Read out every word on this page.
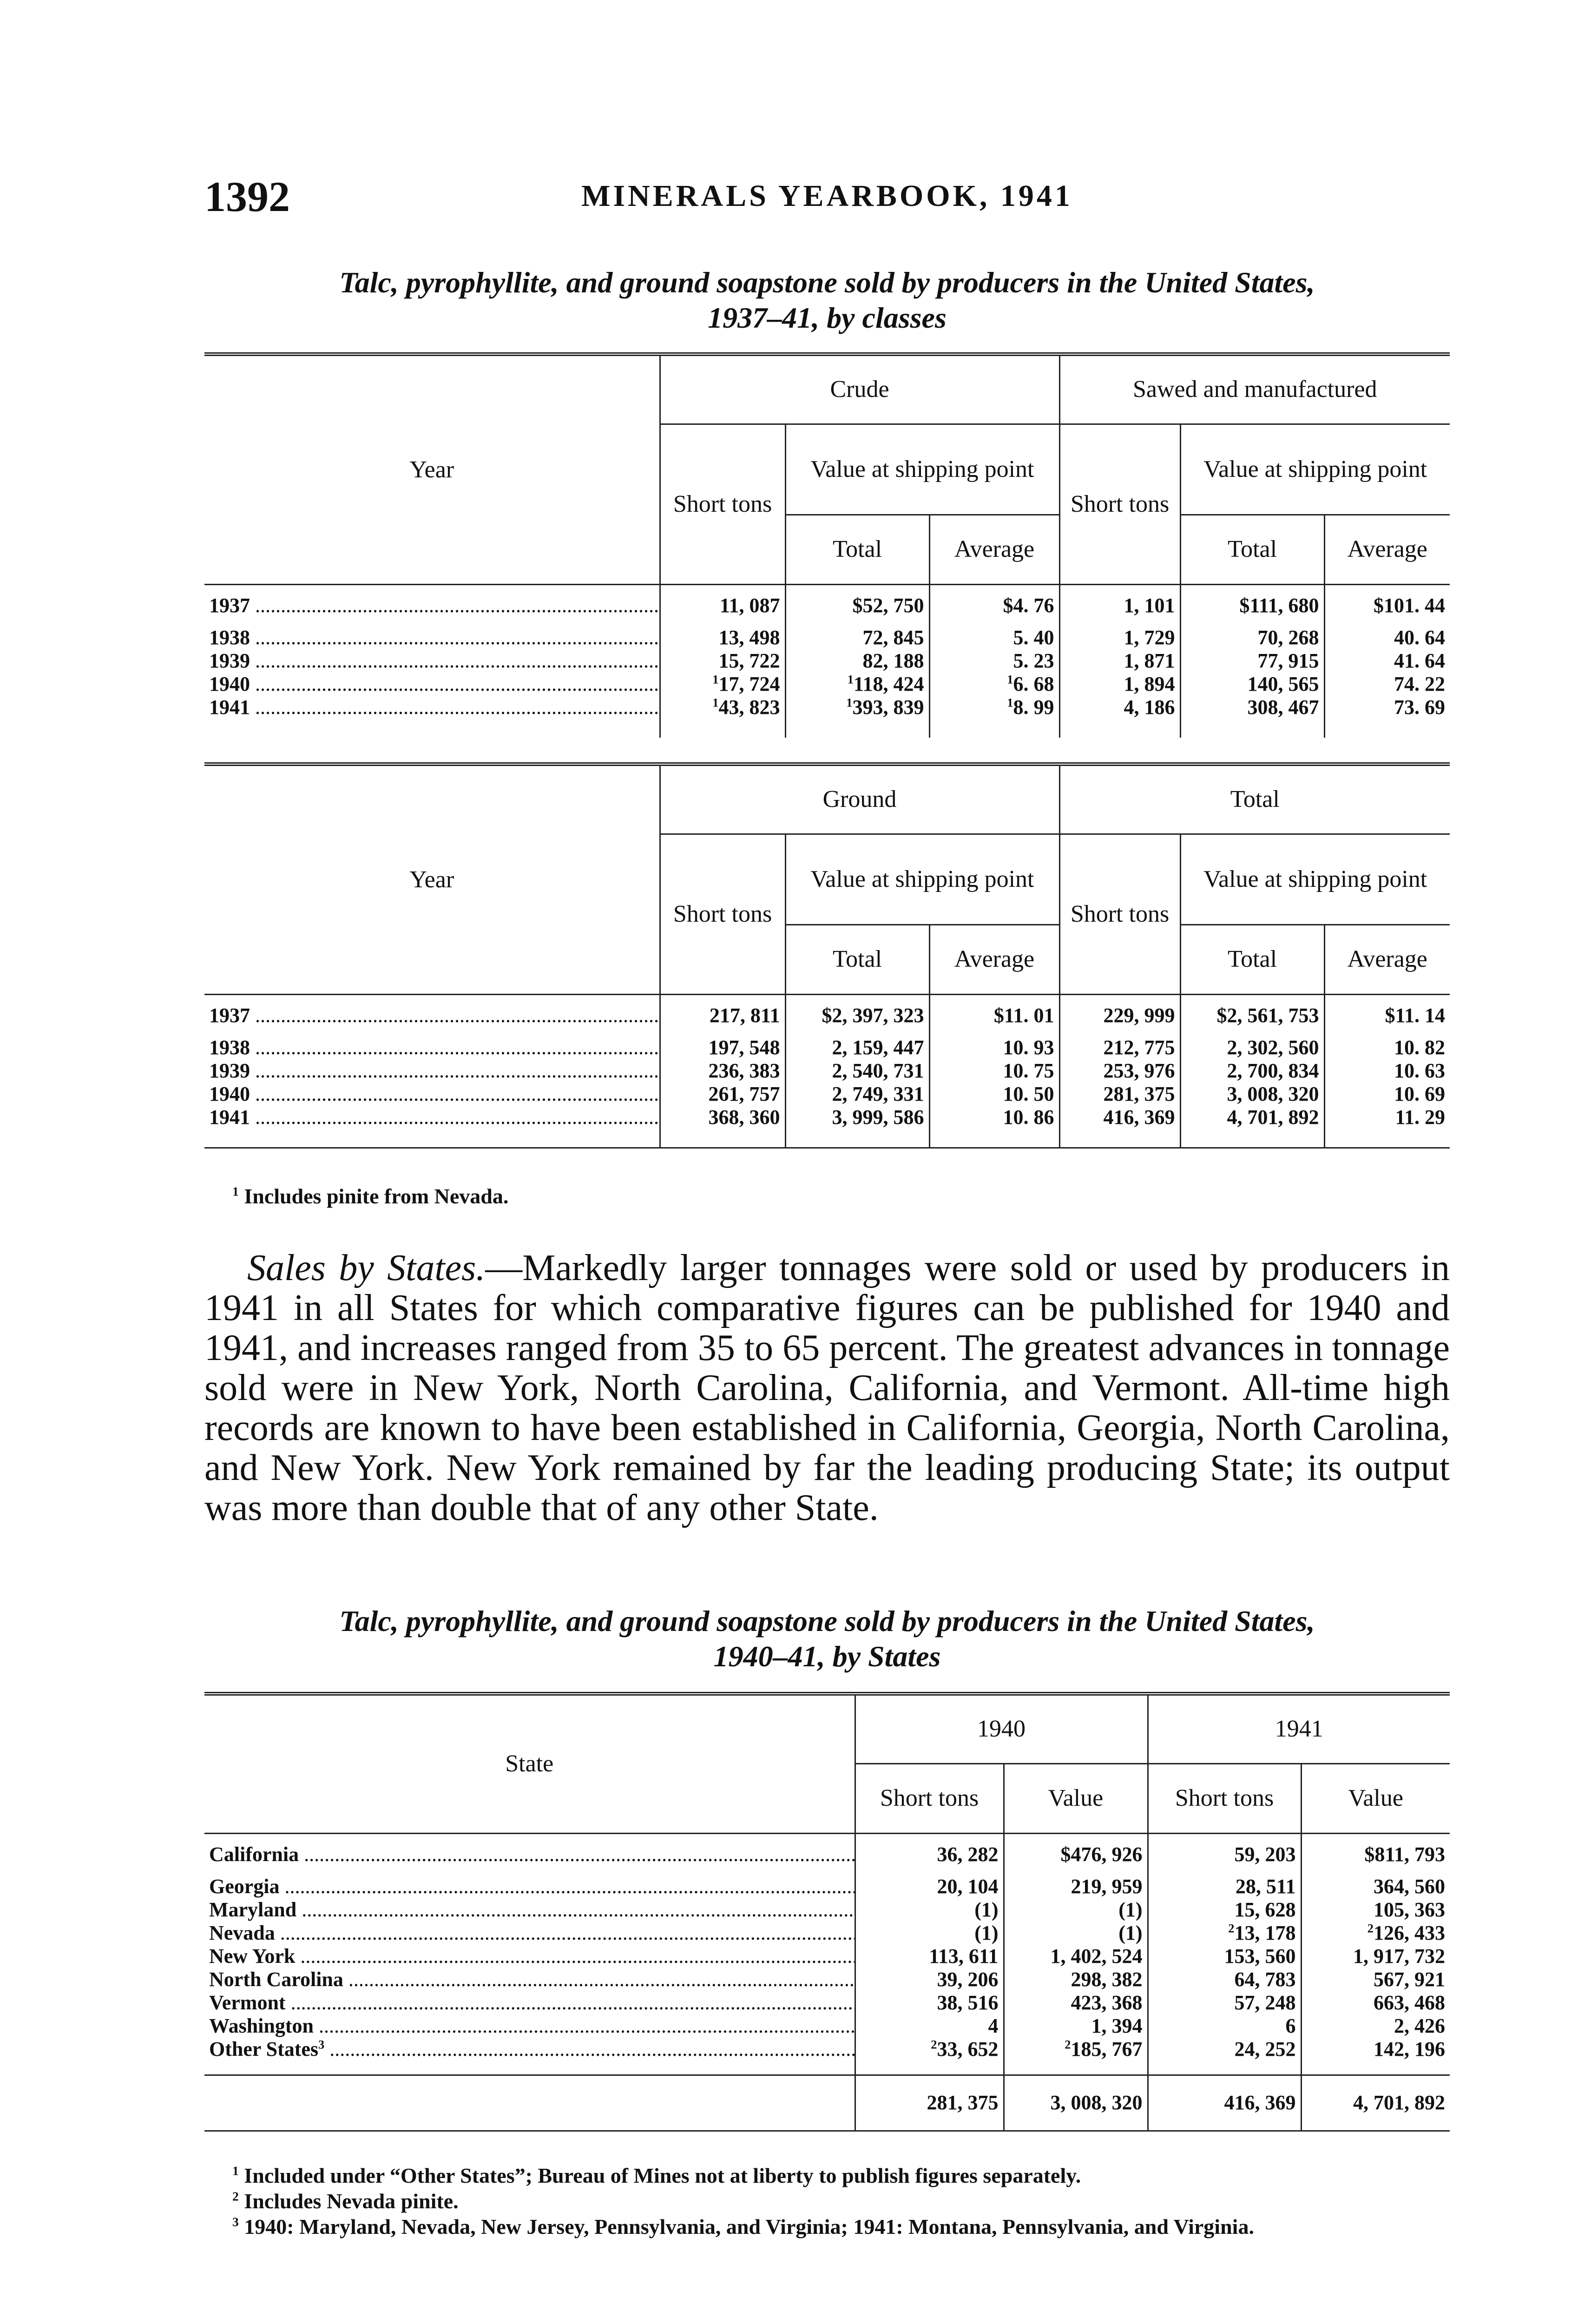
1392	MINERALS YEARBOOK, 1941
Talc, pyrophyllite, and ground soapstone sold by producers in the United States,
1937–41, by classes
Year	Crude			Sawed and manufactured		
	Short tons	Value at shipping point		Short tons	Value at shipping point	
		Total	Average		Total	Average
1937 .....	11, 087	$52, 750	$4. 76	1, 101	$111, 680	$101. 44
1938 .....	13, 498	72, 845	5. 40	1, 729	70, 268	40. 64
1939 .....	15, 722	82, 188	5. 23	1, 871	77, 915	41. 64
1940 .....	$^1$17, 724	$^1$118, 424	$^1$6. 68	1, 894	140, 565	74. 22
1941 .....	$^1$43, 823	$^1$393, 839	$^1$8. 99	4, 186	308, 467	73. 69

Year	Ground			Total		
	Short tons	Value at shipping point		Short tons	Value at shipping point	
		Total	Average		Total	Average
1937 .....	217, 811	$2, 397, 323	$11. 01	229, 999	$2, 561, 753	$11. 14
1938 .....	197, 548	2, 159, 447	10. 93	212, 775	2, 302, 560	10. 82
1939 .....	236, 383	2, 540, 731	10. 75	253, 976	2, 700, 834	10. 63
1940 .....	261, 757	2, 749, 331	10. 50	281, 375	3, 008, 320	10. 69
1941 .....	368, 360	3, 999, 586	10. 86	416, 369	4, 701, 892	11. 29

$^1$ Includes pinite from Nevada.
Sales by States.—Markedly larger tonnages were sold or used by producers in 1941 in all States for which comparative figures can be published for 1940 and 1941, and increases ranged from 35 to 65 percent. The greatest advances in tonnage sold were in New York, North Carolina, California, and Vermont. All-time high records are known to have been established in California, Georgia, North Carolina, and New York. New York remained by far the leading producing State; its output was more than double that of any other State.
Talc, pyrophyllite, and ground soapstone sold by producers in the United States,
1940–41, by States
State	1940		1941	
	Short tons	Value	Short tons	Value
California .....	36, 282	$476, 926	59, 203	$811, 793
Georgia .....	20, 104	219, 959	28, 511	364, 560
Maryland .....	(1)	(1)	15, 628	105, 363
Nevada .....	(1)	(1)	$^2$13, 178	$^2$126, 433
New York .....	113, 611	1, 402, 524	153, 560	1, 917, 732
North Carolina .....	39, 206	298, 382	64, 783	567, 921
Vermont .....	38, 516	423, 368	57, 248	663, 468
Washington .....	4	1, 394	6	2, 426
Other States$^3$ .....	$^2$33, 652	$^2$185, 767	24, 252	142, 196

	281, 375	3, 008, 320	416, 369	4, 701, 892
$^1$ Included under “Other States”; Bureau of Mines not at liberty to publish figures separately.
$^2$ Includes Nevada pinite.
$^3$ 1940: Maryland, Nevada, New Jersey, Pennsylvania, and Virginia; 1941: Montana, Pennsylvania, and Virginia.
